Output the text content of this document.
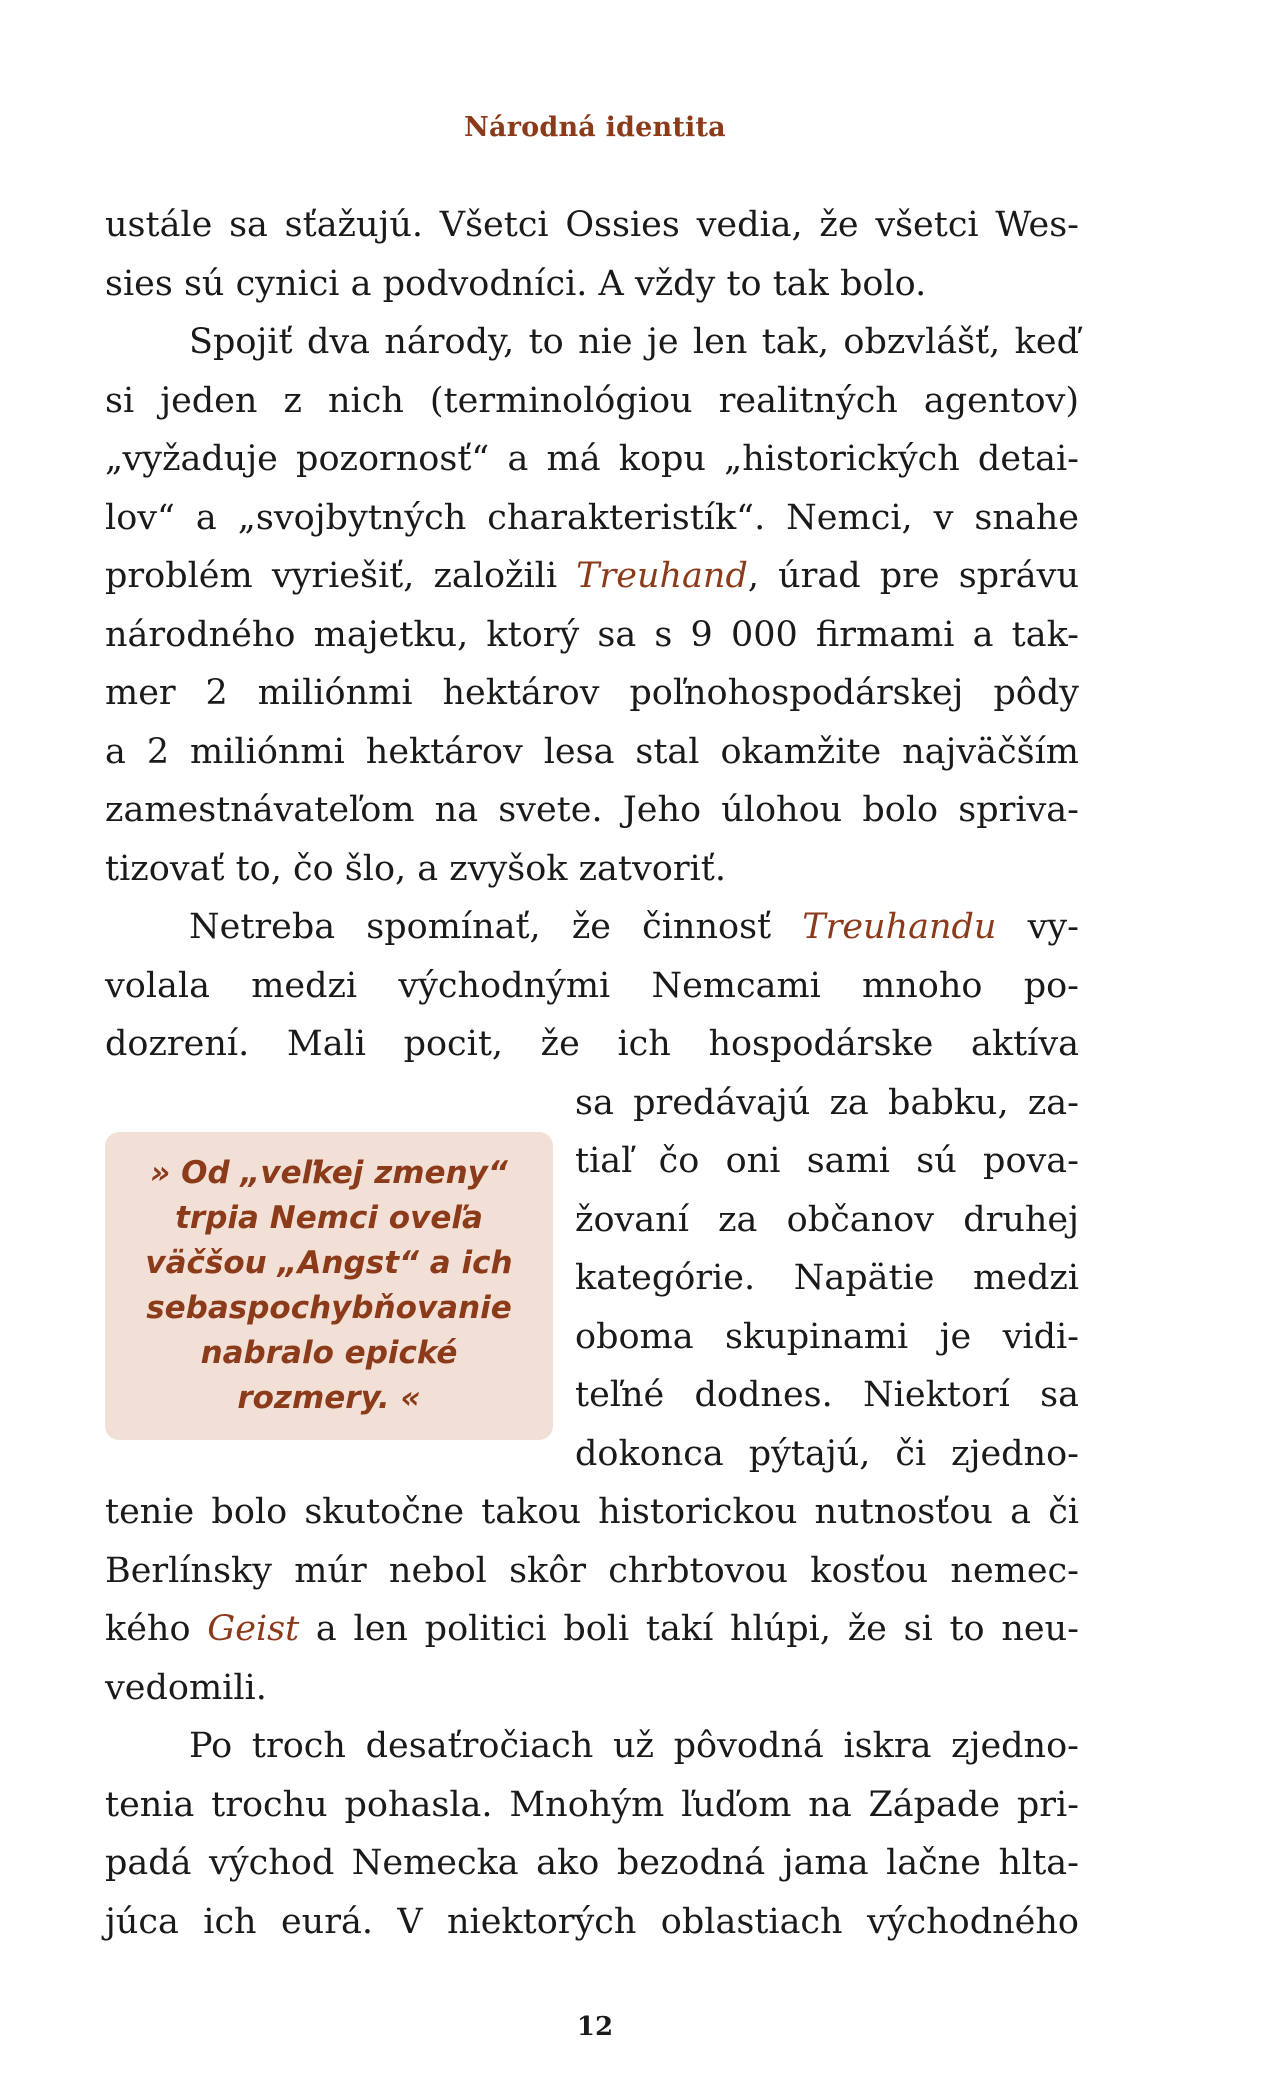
Národná identita
ustále sa sťažujú. Všetci Ossies vedia, že všetci Wes-
sies sú cynici a podvodníci. A vždy to tak bolo.
Spojiť dva národy, to nie je len tak, obzvlášť, keď
si jeden z nich (terminológiou realitných agentov)
„vyžaduje pozornosť“ a má kopu „historických detai-
lov“ a „svojbytných charakteristík“. Nemci, v snahe
problém vyriešiť, založili Treuhand, úrad pre správu
národného majetku, ktorý sa s 9 000 firmami a tak-
mer 2 miliónmi hektárov poľnohospodárskej pôdy
a 2 miliónmi hektárov lesa stal okamžite najväčším
zamestnávateľom na svete. Jeho úlohou bolo spriva-
tizovať to, čo šlo, a zvyšok zatvoriť.
Netreba spomínať, že činnosť Treuhandu vy-
volala medzi východnými Nemcami mnoho po-
dozrení. Mali pocit, že ich hospodárske aktíva
sa predávajú za babku, za-
tiaľ čo oni sami sú pova-
žovaní za občanov druhej
kategórie. Napätie medzi
oboma skupinami je vidi-
teľné dodnes. Niektorí sa
dokonca pýtajú, či zjedno-
tenie bolo skutočne takou historickou nutnosťou a či
Berlínsky múr nebol skôr chrbtovou kosťou nemec-
kého Geist a len politici boli takí hlúpi, že si to neu-
vedomili.
Po troch desaťročiach už pôvodná iskra zjedno-
tenia trochu pohasla. Mnohým ľuďom na Západe pri-
padá východ Nemecka ako bezodná jama lačne hlta-
júca ich eurá. V niektorých oblastiach východného

» Od „veľkej zmeny“ trpia Nemci oveľa väčšou „Angst“ a ich sebaspochybňovanie nabralo epické rozmery. «

12
